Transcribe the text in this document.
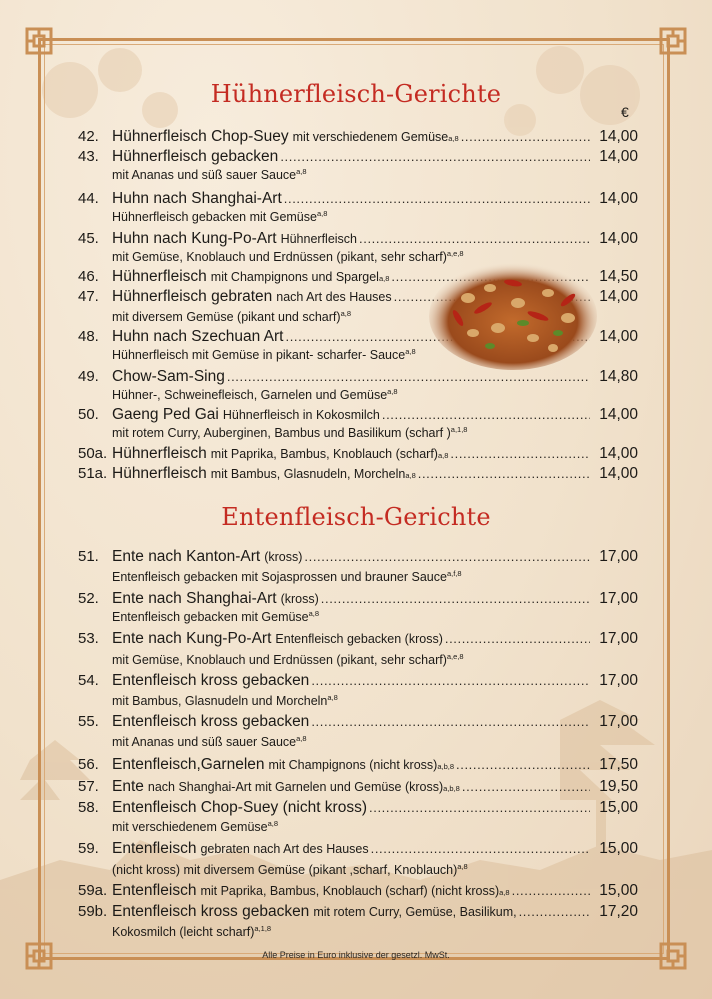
Hühnerfleisch-Gerichte
€
Entenfleisch-Gerichte
42. Hühnerfleisch Chop-Suey mit verschiedenem Gemüse a,8 .....	14,00
43. Hühnerfleisch gebacken .....	14,00
mit Ananas und süß sauer Sauce$^{a,8}$
44. Huhn nach Shanghai-Art .....	14,00
Hühnerfleisch gebacken mit Gemüse$^{a,8}$
45. Huhn nach Kung-Po-Art Hühnerfleisch .....	14,00
mit Gemüse, Knoblauch und Erdnüssen (pikant, sehr scharf)$^{a,e,8}$
46. Hühnerfleisch mit Champignons und Spargel a,8 .....	14,50
47. Hühnerfleisch gebraten nach Art des Hauses .....	14,00
mit diversem Gemüse (pikant und scharf)$^{a,8}$
48. Huhn nach Szechuan Art .....	14,00
Hühnerfleisch mit Gemüse in pikant- scharfer- Sauce$^{a,8}$
49. Chow-Sam-Sing .....	14,80
Hühner-, Schweinefleisch, Garnelen und Gemüse$^{a,8}$
50. Gaeng Ped Gai Hühnerfleisch in Kokosmilch .....	14,00
mit rotem Curry, Auberginen, Bambus und Basilikum (scharf )$^{a,1,8}$
50a. Hühnerfleisch mit Paprika, Bambus, Knoblauch (scharf) a,8 .....	14,00
51a. Hühnerfleisch mit Bambus, Glasnudeln, Morcheln a,8 .....	14,00
51. Ente nach Kanton-Art (kross) .....	17,00
Entenfleisch gebacken mit Sojasprossen und brauner Sauce$^{a,f,8}$
52. Ente nach Shanghai-Art (kross) .....	17,00
Entenfleisch gebacken mit Gemüse$^{a,8}$
53. Ente nach Kung-Po-Art Entenfleisch gebacken (kross) .....	17,00
mit Gemüse, Knoblauch und Erdnüssen (pikant, sehr scharf)$^{a,e,8}$
54. Entenfleisch kross gebacken .....	17,00
mit Bambus, Glasnudeln und Morcheln$^{a,8}$
55. Entenfleisch kross gebacken .....	17,00
mit Ananas und süß sauer Sauce$^{a,8}$
56. Entenfleisch,Garnelen mit Champignons (nicht kross) a,b,8 .....	17,50
57. Ente nach Shanghai-Art mit Garnelen und Gemüse (kross) a,b,8 .....	19,50
58. Entenfleisch Chop-Suey (nicht kross) .....	15,00
mit verschiedenem Gemüse$^{a,8}$
59. Entenfleisch gebraten nach Art des Hauses .....	15,00
(nicht kross) mit diversem Gemüse (pikant ,scharf, Knoblauch)$^{a,8}$
59a. Entenfleisch mit Paprika, Bambus, Knoblauch (scharf) (nicht kross) a,8 .....	15,00
59b. Entenfleisch kross gebacken mit rotem Curry, Gemüse, Basilikum, .....	17,20
Kokosmilch (leicht scharf)$^{a,1,8}$
Alle Preise in Euro inklusive der gesetzl. MwSt.
